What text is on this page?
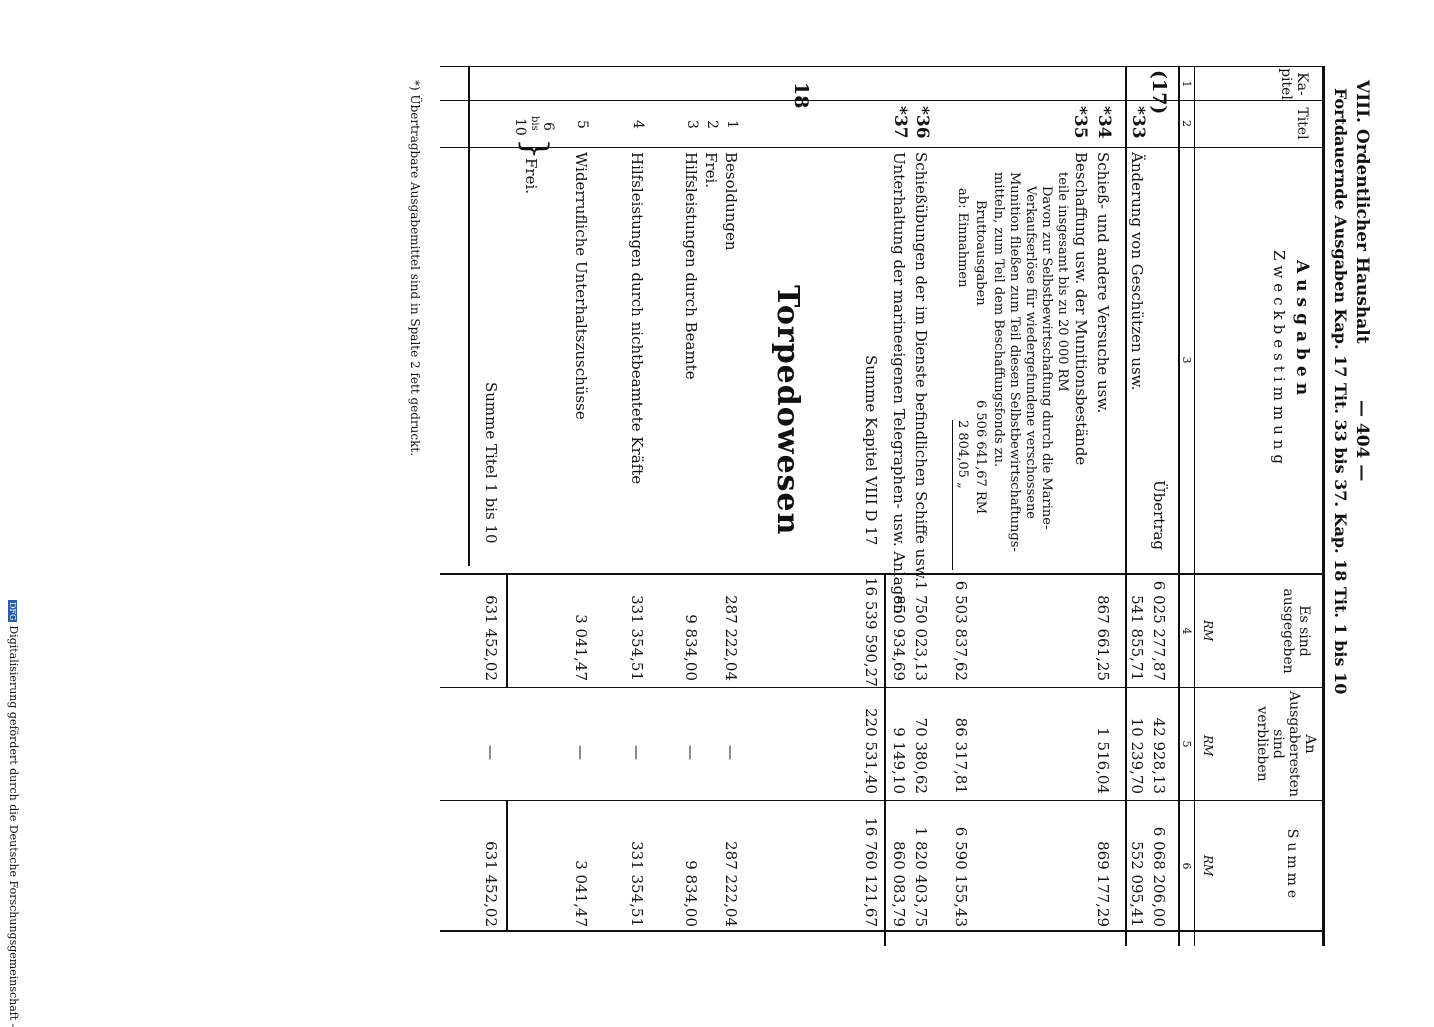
VIII. Ordentlicher Haushalt
— 404 —
Fortdauernde Ausgaben Kap. 17 Tit. 33 bis 37. Kap. 18 Tit. 1 bis 10
Ka-
pitel
Titel
Ausgaben
Zweckbestimmung
Es sind
ausgegeben
An
Ausgaberesten
sind verblieben
Summe
RM
RM
RM
1
2
3
4
5
6
(17)
Übertrag
6 025 277,87
42 928,13
6 068 206,00
*33
Änderung von Geschützen usw.
541 855,71
10 239,70
552 095,41
*34
Schieß- und andere Versuche usw.
867 661,25
1 516,04
869 177,29
*35
Beschaffung usw. der Munitionsbestände
teile insgesamt bis zu 20 000 RM
Davon zur Selbstbewirtschaftung durch die Marine-
Verkaufserlöse für wiedergefundene verschossene
Munition fließen zum Teil diesen Selbstbewirtschaftungs-
mitteln, zum Teil dem Beschaffungsfonds zu.
Bruttoausgaben
6 506 641,67 RM
ab: Einnahmen
2 804,05 „
6 503 837,62
86 317,81
6 590 155,43
*36
Schießübungen der im Dienste befindlichen Schiffe usw.
1 750 023,13
70 380,62
1 820 403,75
*37
Unterhaltung der marineeigenen Telegraphen- usw. Anlagen
850 934,69
9 149,10
860 083,79
Summe Kapitel VIII D 17
16 539 590,27
220 531,40
16 760 121,67
18
Torpedowesen
1
Besoldungen
287 222,04
—
287 222,04
2
Frei.
3
Hilfsleistungen durch Beamte
9 834,00
—
9 834,00
4
Hilfsleistungen durch nichtbeamtete Kräfte
331 354,51
—
331 354,51
5
Widerrufliche Unterhaltszuschüsse
3 041,47
—
3 041,47
6
bis
10
}
Frei.
Summe Titel 1 bis 10
631 452,02
—
631 452,02
*) Übertragbare Ausgabemittel sind in Spalte 2 fett gedruckt.
DFGDigitalisierung gefördert durch die Deutsche Forschungsgemeinschaft -
